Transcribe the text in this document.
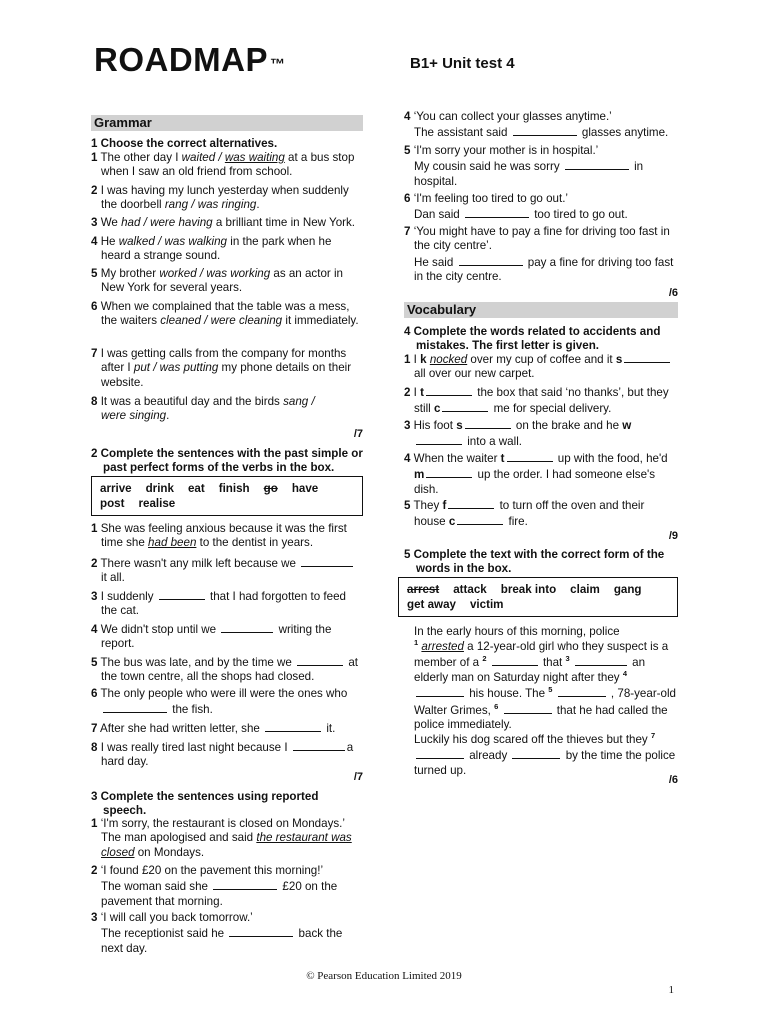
ROADMAP ™	B1+ Unit test 4
Grammar
1 Choose the correct alternatives.
1 The other day I waited / was waiting at a bus stop when I saw an old friend from school.
2 I was having my lunch yesterday when suddenly the doorbell rang / was ringing.
3 We had / were having a brilliant time in New York.
4 He walked / was walking in the park when he heard a strange sound.
5 My brother worked / was working as an actor in New York for several years.
6 When we complained that the table was a mess, the waiters cleaned / were cleaning it immediately.
7 I was getting calls from the company for months after I put / was putting my phone details on their website.
8 It was a beautiful day and the birds sang /
were singing.
/7
2 Complete the sentences with the past simple or past perfect forms of the verbs in the box.
arrive drink eat finish go have
post realise
1 She was feeling anxious because it was the first time she had been to the dentist in years.
2 There wasn't any milk left because we  it all.
3 I suddenly	that I had forgotten to feed the cat.
4 We didn't stop until we	writing the report.
5 The bus was late, and by the time we	at the town centre, all the shops had closed.
6 The only people who were ill were the ones who  the fish.
7 After she had written letter, she	it.
8 I was really tired last night because I	a hard day.
/7
3 Complete the sentences using reported speech.
1 ‘I'm sorry, the restaurant is closed on Mondays.’
The man apologised and said the restaurant was closed on Mondays.
2 ‘I found £20 on the pavement this morning!’
The woman said she	£20 on the pavement that morning.
3 ‘I will call you back tomorrow.’
The receptionist said he	back the next day.
4 ‘You can collect your glasses anytime.’
The assistant said	glasses anytime.
5 ‘I'm sorry your mother is in hospital.’
My cousin said he was sorry	in hospital.
6 ‘I'm feeling too tired to go out.’
Dan said	too tired to go out.
7 ‘You might have to pay a fine for driving too fast in the city centre’.
He said	pay a fine for driving too fast in the city centre.
/6
Vocabulary
4 Complete the words related to accidents and mistakes. The first letter is given.
1 I k nocked over my cup of coffee and it s
all over our new carpet.
2 I t	the box that said ‘no thanks’, but they still c	me for special delivery.
3 His foot s	on the brake and he w into a wall.
4 When the waiter t	up with the food, he'd m	up the order. I had someone else's dish.
5 They f	to turn off the oven and their house c	fire.
/9
5 Complete the text with the correct form of the words in the box.
arrest attack break into claim gang
get away victim
In the early hours of this morning, police
$^1$ arrested a 12-year-old girl who they suspect is a member of a $^2$	that $^3$	an elderly man on Saturday night after they $^4$
his house. The $^5$	, 78-year-old Walter Grimes, $^6$	that he had called the police immediately.
Luckily his dog scared off the thieves but they $^7$
already	by the time the police turned up.
/6
© Pearson Education Limited 2019
1
